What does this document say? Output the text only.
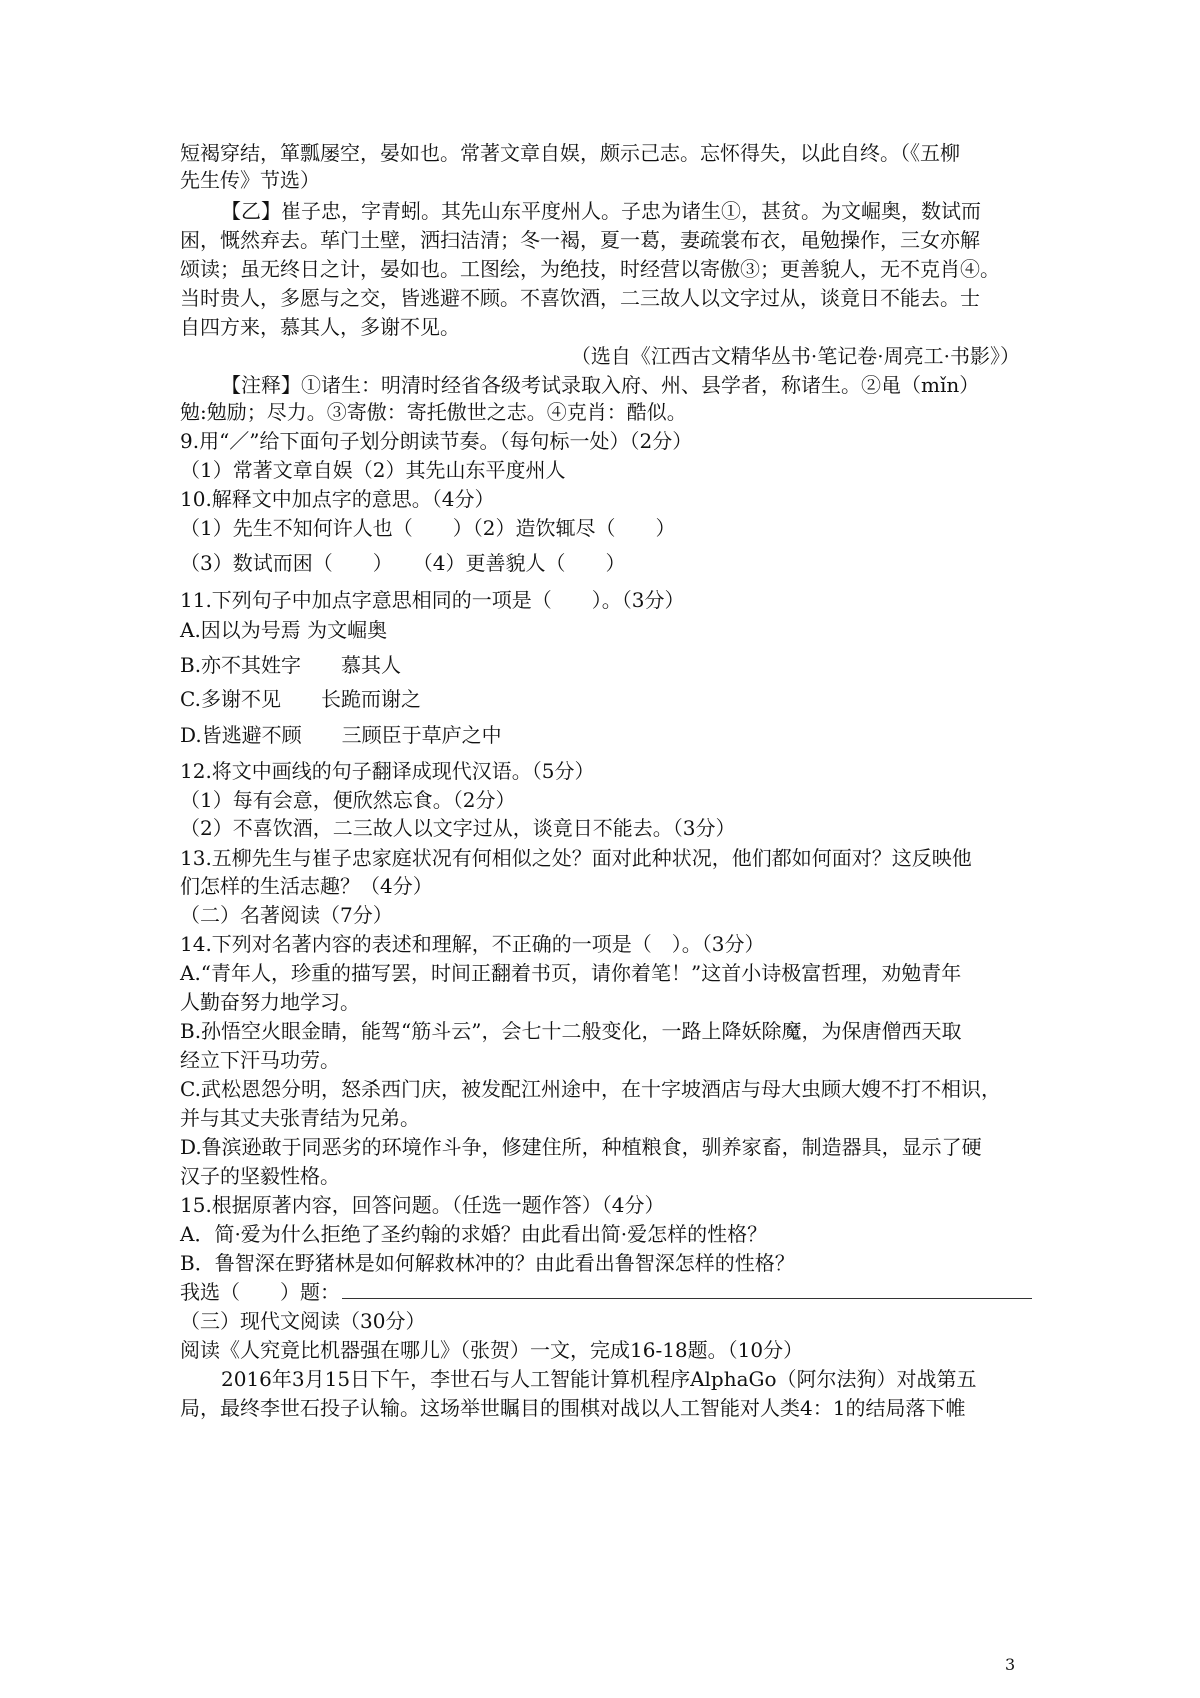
短褐穿结，箪瓢屡空，晏如也。常著文章自娱，颇示己志。忘怀得失，以此自终。（《五柳
先生传》节选）
【乙】崔子忠，字青蚓。其先山东平度州人。子忠为诸生①，甚贫。为文崛奥，数试而
困，慨然弃去。荜门土壁，洒扫洁清；冬一褐，夏一葛，妻疏裳布衣，黾勉操作，三女亦解
颂读；虽无终日之计，晏如也。工图绘，为绝技，时经营以寄傲③；更善貌人，无不克肖④。
当时贵人，多愿与之交，皆逃避不顾。不喜饮酒，二三故人以文字过从，谈竟日不能去。士
自四方来，慕其人，多谢不见。
（选自《江西古文精华丛书·笔记卷·周亮工·书影》）
【注释】①诸生：明清时经省各级考试录取入府、州、县学者，称诸生。②黾（mǐn）
勉:勉励；尽力。③寄傲：寄托傲世之志。④克肖：酷似。
9.用“／”给下面句子划分朗读节奏。（每句标一处）（2分）
（1）常著文章自娱（2）其先山东平度州人
10.解释文中加点字的意思。（4分）
（1）先生不知何许人也（　　）（2）造饮辄尽（　　）
（3）数试而困（　　）　　（4）更善貌人（　　）
11.下列句子中加点字意思相同的一项是（　　）。（3分）
A.因以为号焉 为文崛奥
B.亦不其姓字　　慕其人
C.多谢不见　　长跪而谢之
D.皆逃避不顾　　三顾臣于草庐之中
12.将文中画线的句子翻译成现代汉语。（5分）
（1）每有会意，便欣然忘食。（2分）
（2）不喜饮酒，二三故人以文字过从，谈竟日不能去。（3分）
13.五柳先生与崔子忠家庭状况有何相似之处？面对此种状况，他们都如何面对？这反映他
们怎样的生活志趣？（4分）
（二）名著阅读（7分）
14.下列对名著内容的表述和理解，不正确的一项是（　）。（3分）
A.“青年人，珍重的描写罢，时间正翻着书页，请你着笔！”这首小诗极富哲理，劝勉青年
人勤奋努力地学习。
B.孙悟空火眼金睛，能驾“筋斗云”，会七十二般变化，一路上降妖除魔，为保唐僧西天取
经立下汗马功劳。
C.武松恩怨分明，怒杀西门庆，被发配江州途中，在十字坡酒店与母大虫顾大嫂不打不相识，
并与其丈夫张青结为兄弟。
D.鲁滨逊敢于同恶劣的环境作斗争，修建住所，种植粮食，驯养家畜，制造器具，显示了硬
汉子的坚毅性格。
15.根据原著内容，回答问题。（任选一题作答）（4分）
A．简·爱为什么拒绝了圣约翰的求婚？由此看出简·爱怎样的性格？
B．鲁智深在野猪林是如何解救林冲的？由此看出鲁智深怎样的性格？
我选（　　）题：
（三）现代文阅读（30分）
阅读《人究竟比机器强在哪儿》（张贺）一文，完成16-18题。（10分）
2016年3月15日下午，李世石与人工智能计算机程序AlphaGo（阿尔法狗）对战第五
局，最终李世石投子认输。这场举世瞩目的围棋对战以人工智能对人类4：1的结局落下帷
3
